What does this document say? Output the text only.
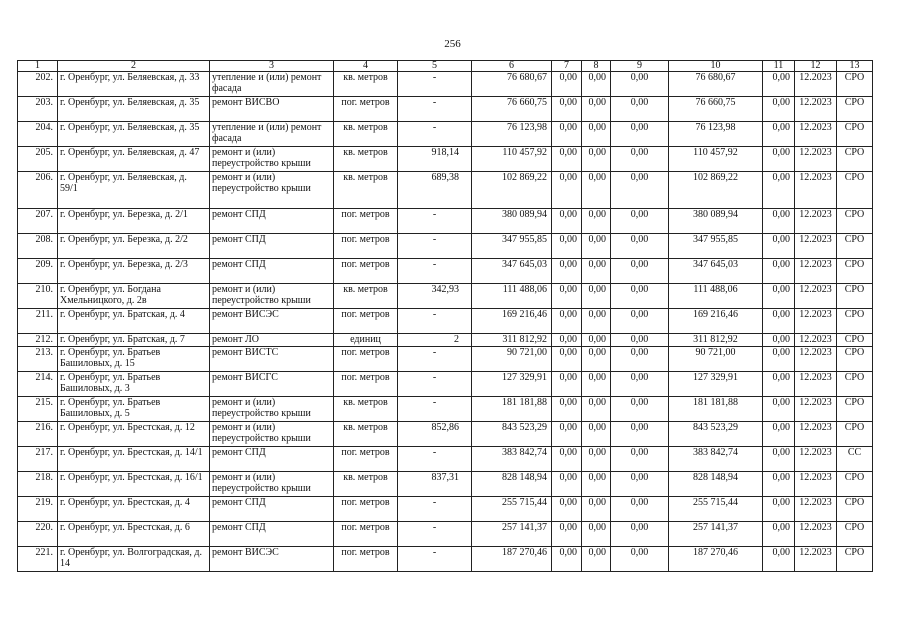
256
1	2	3	4	5	6	7	8	9	10	11	12	13
202.	г. Оренбург, ул. Беляевская, д. 33	утепление и (или) ремонт фасада	кв. метров	-	76 680,67	0,00	0,00	0,00	76 680,67	0,00	12.2023	СРО
203.	г. Оренбург, ул. Беляевская, д. 35	ремонт ВИСВО	пог. метров	-	76 660,75	0,00	0,00	0,00	76 660,75	0,00	12.2023	СРО
204.	г. Оренбург, ул. Беляевская, д. 35	утепление и (или) ремонт фасада	кв. метров	-	76 123,98	0,00	0,00	0,00	76 123,98	0,00	12.2023	СРО
205.	г. Оренбург, ул. Беляевская, д. 47	ремонт и (или) переустройство крыши	кв. метров	918,14	110 457,92	0,00	0,00	0,00	110 457,92	0,00	12.2023	СРО
206.	г. Оренбург, ул. Беляевская, д. 59/1	ремонт и (или) переустройство крыши	кв. метров	689,38	102 869,22	0,00	0,00	0,00	102 869,22	0,00	12.2023	СРО
207.	г. Оренбург, ул. Березка, д. 2/1	ремонт СПД	пог. метров	-	380 089,94	0,00	0,00	0,00	380 089,94	0,00	12.2023	СРО
208.	г. Оренбург, ул. Березка, д. 2/2	ремонт СПД	пог. метров	-	347 955,85	0,00	0,00	0,00	347 955,85	0,00	12.2023	СРО
209.	г. Оренбург, ул. Березка, д. 2/3	ремонт СПД	пог. метров	-	347 645,03	0,00	0,00	0,00	347 645,03	0,00	12.2023	СРО
210.	г. Оренбург, ул. Богдана Хмельницкого, д. 2в	ремонт и (или) переустройство крыши	кв. метров	342,93	111 488,06	0,00	0,00	0,00	111 488,06	0,00	12.2023	СРО
211.	г. Оренбург, ул. Братская, д. 4	ремонт ВИСЭС	пог. метров	-	169 216,46	0,00	0,00	0,00	169 216,46	0,00	12.2023	СРО
212.	г. Оренбург, ул. Братская, д. 7	ремонт ЛО	единиц	2	311 812,92	0,00	0,00	0,00	311 812,92	0,00	12.2023	СРО
213.	г. Оренбург, ул. Братьев Башиловых, д. 15	ремонт ВИСТС	пог. метров	-	90 721,00	0,00	0,00	0,00	90 721,00	0,00	12.2023	СРО
214.	г. Оренбург, ул. Братьев Башиловых, д. 3	ремонт ВИСГС	пог. метров	-	127 329,91	0,00	0,00	0,00	127 329,91	0,00	12.2023	СРО
215.	г. Оренбург, ул. Братьев Башиловых, д. 5	ремонт и (или) переустройство крыши	кв. метров	-	181 181,88	0,00	0,00	0,00	181 181,88	0,00	12.2023	СРО
216.	г. Оренбург, ул. Брестская, д. 12	ремонт и (или) переустройство крыши	кв. метров	852,86	843 523,29	0,00	0,00	0,00	843 523,29	0,00	12.2023	СРО
217.	г. Оренбург, ул. Брестская, д. 14/1	ремонт СПД	пог. метров	-	383 842,74	0,00	0,00	0,00	383 842,74	0,00	12.2023	СС
218.	г. Оренбург, ул. Брестская, д. 16/1	ремонт и (или) переустройство крыши	кв. метров	837,31	828 148,94	0,00	0,00	0,00	828 148,94	0,00	12.2023	СРО
219.	г. Оренбург, ул. Брестская, д. 4	ремонт СПД	пог. метров	-	255 715,44	0,00	0,00	0,00	255 715,44	0,00	12.2023	СРО
220.	г. Оренбург, ул. Брестская, д. 6	ремонт СПД	пог. метров	-	257 141,37	0,00	0,00	0,00	257 141,37	0,00	12.2023	СРО
221.	г. Оренбург, ул. Волгоградская, д. 14	ремонт ВИСЭС	пог. метров	-	187 270,46	0,00	0,00	0,00	187 270,46	0,00	12.2023	СРО
